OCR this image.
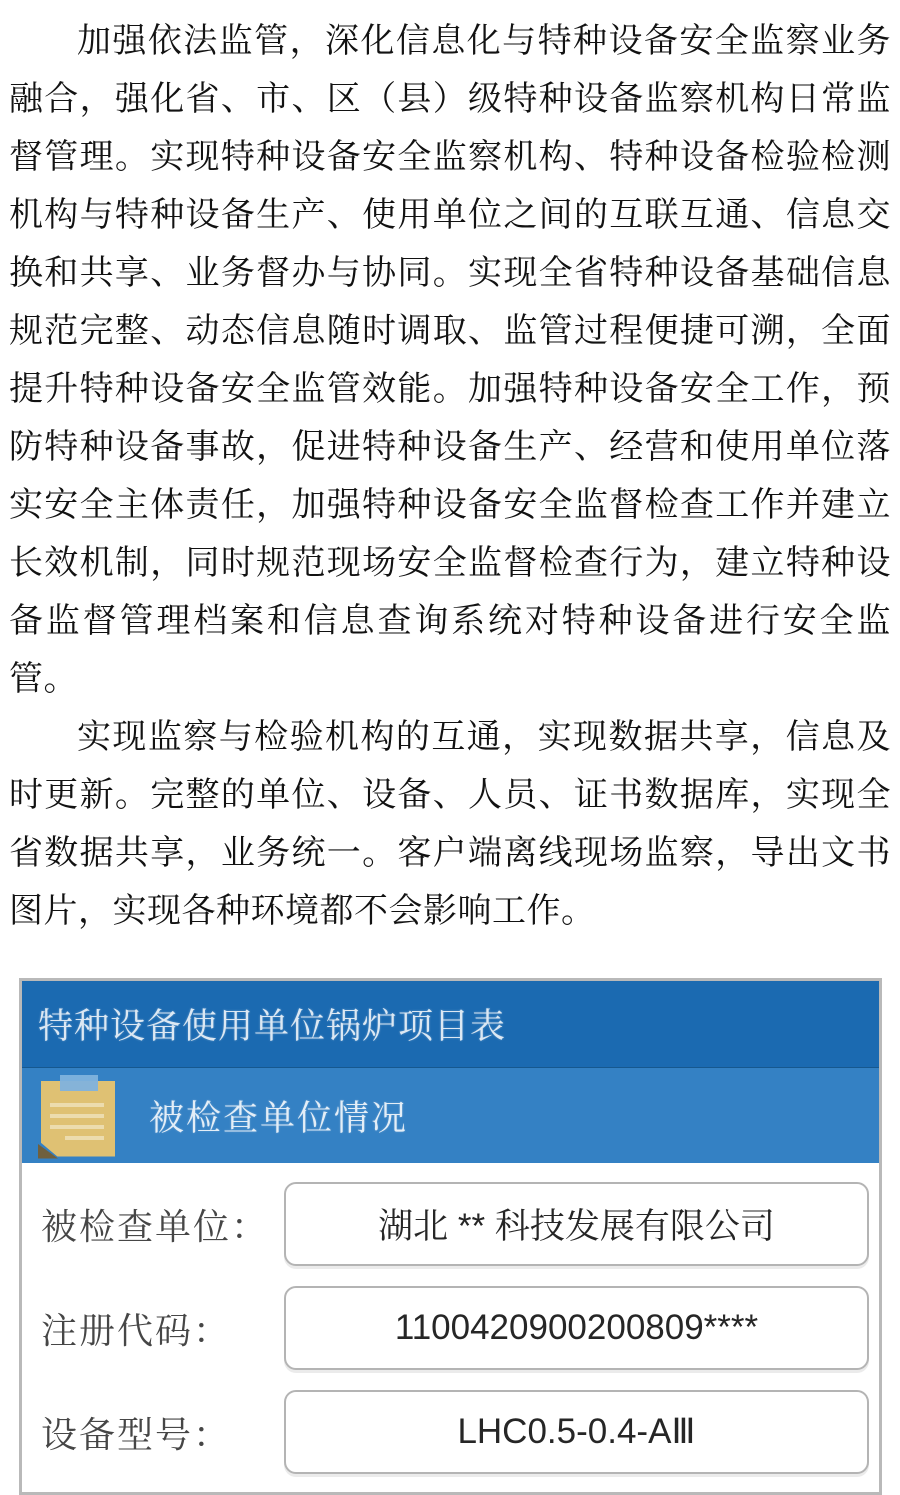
加强依法监管，深化信息化与特种设备安全监察业务融合，强化省、市、区（县）级特种设备监察机构日常监督管理。实现特种设备安全监察机构、特种设备检验检测机构与特种设备生产、使用单位之间的互联互通、信息交换和共享、业务督办与协同。实现全省特种设备基础信息规范完整、动态信息随时调取、监管过程便捷可溯，全面提升特种设备安全监管效能。加强特种设备安全工作，预防特种设备事故，促进特种设备生产、经营和使用单位落实安全主体责任，加强特种设备安全监督检查工作并建立长效机制，同时规范现场安全监督检查行为，建立特种设备监督管理档案和信息查询系统对特种设备进行安全监管。

实现监察与检验机构的互通，实现数据共享，信息及时更新。完整的单位、设备、人员、证书数据库，实现全省数据共享，业务统一。客户端离线现场监察，导出文书图片，实现各种环境都不会影响工作。

特种设备使用单位锅炉项目表
被检查单位情况
被检查单位：
湖北 ** 科技发展有限公司
注册代码：
1100420900200809****
设备型号：
LHC0.5-0.4-AⅢ
